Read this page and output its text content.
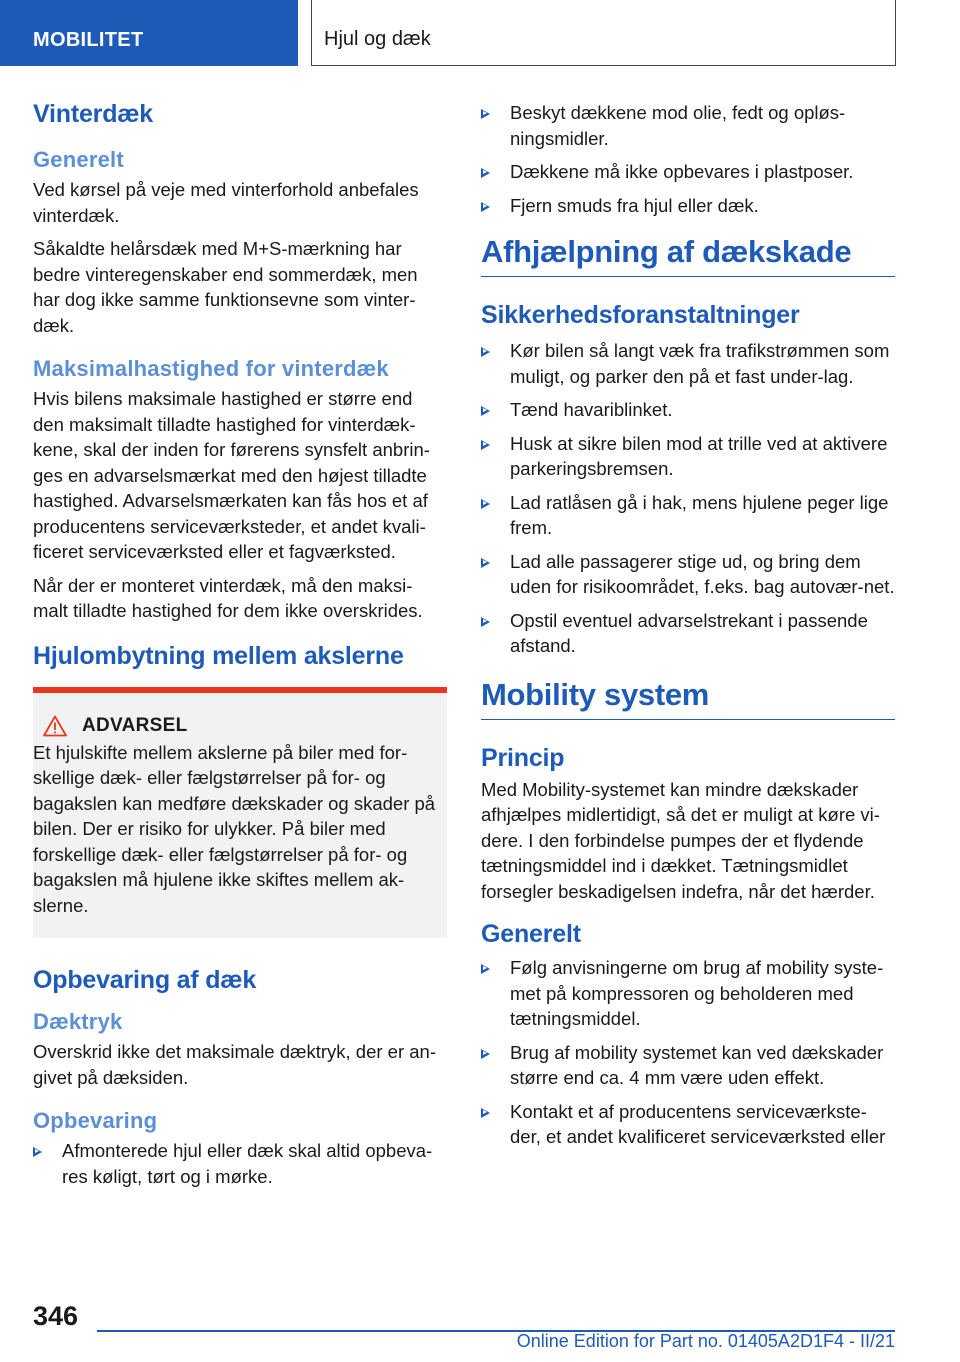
MOBILITET	Hjul og dæk
Vinterdæk
Generelt
Ved kørsel på veje med vinterforhold anbefales vinterdæk.
Såkaldte helårsdæk med M+S-mærkning har bedre vinteregenskaber end sommerdæk, men har dog ikke samme funktionsevne som vinter-dæk.
Maksimalhastighed for vinterdæk
Hvis bilens maksimale hastighed er større end den maksimalt tilladte hastighed for vinterdæk-kene, skal der inden for førerens synsfelt anbrin-ges en advarselsmærkat med den højest tilladte hastighed. Advarselsmærkaten kan fås hos et af producentens serviceværksteder, et andet kvali-ficeret serviceværksted eller et fagværksted.
Når der er monteret vinterdæk, må den maksi-malt tilladte hastighed for dem ikke overskrides.
Hjulombytning mellem akslerne
ADVARSEL
Et hjulskifte mellem akslerne på biler med for-skellige dæk- eller fælgstørrelser på for- og bagakslen kan medføre dækskader og skader på bilen. Der er risiko for ulykker. På biler med forskellige dæk- eller fælgstørrelser på for- og bagakslen må hjulene ikke skiftes mellem ak-slerne.
Opbevaring af dæk
Dæktryk
Overskrid ikke det maksimale dæktryk, der er an-givet på dæksiden.
Opbevaring
Afmonterede hjul eller dæk skal altid opbeva-res køligt, tørt og i mørke.
Beskyt dækkene mod olie, fedt og opløs-ningsmidler.
Dækkene må ikke opbevares i plastposer.
Fjern smuds fra hjul eller dæk.
Afhjælpning af dækskade
Sikkerhedsforanstaltninger
Kør bilen så langt væk fra trafikstrømmen som muligt, og parker den på et fast under-lag.
Tænd havariblinket.
Husk at sikre bilen mod at trille ved at aktivere parkeringsbremsen.
Lad ratlåsen gå i hak, mens hjulene peger lige frem.
Lad alle passagerer stige ud, og bring dem uden for risikoområdet, f.eks. bag autovær-net.
Opstil eventuel advarselstrekant i passende afstand.
Mobility system
Princip
Med Mobility-systemet kan mindre dækskader afhjælpes midlertidigt, så det er muligt at køre vi-dere. I den forbindelse pumpes der et flydende tætningsmiddel ind i dækket. Tætningsmidlet forsegler beskadigelsen indefra, når det hærder.
Generelt
Følg anvisningerne om brug af mobility syste-met på kompressoren og beholderen med tætningsmiddel.
Brug af mobility systemet kan ved dækskader større end ca. 4 mm være uden effekt.
Kontakt et af producentens serviceværkste-der, et andet kvalificeret serviceværksted eller
346
Online Edition for Part no. 01405A2D1F4 - II/21
